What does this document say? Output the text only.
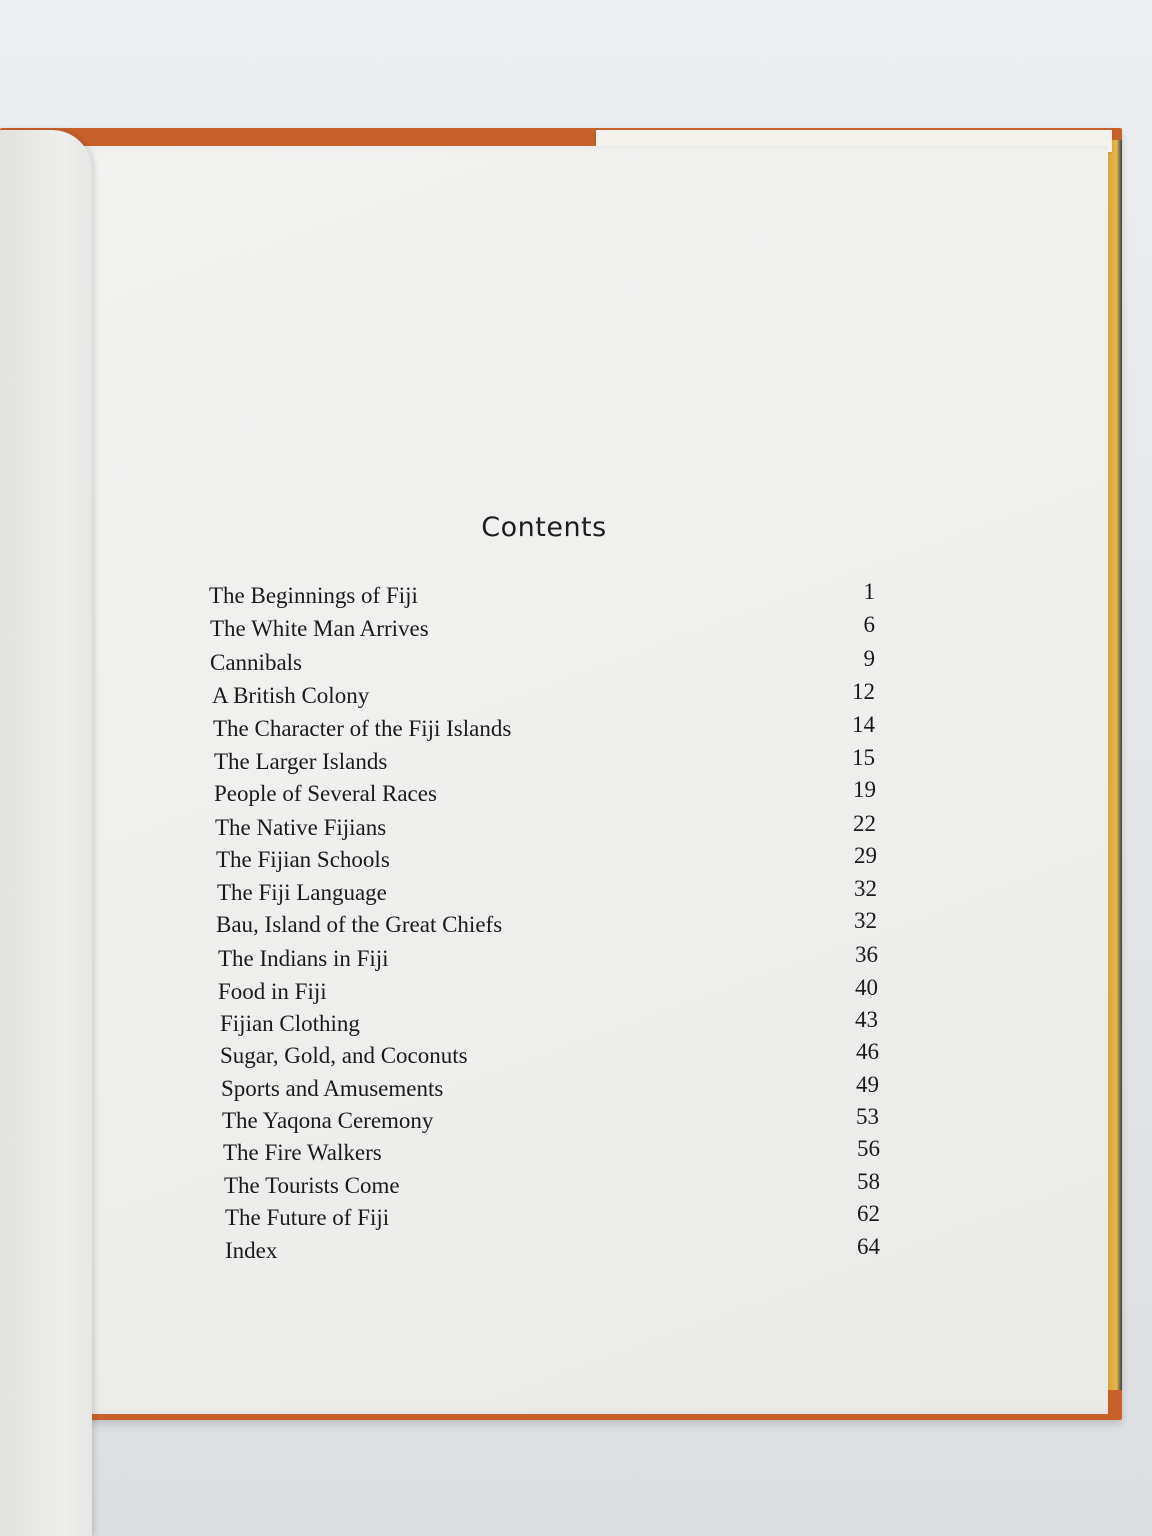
Contents
The Beginnings of Fiji	1
The White Man Arrives	6
Cannibals	9
A British Colony	12
The Character of the Fiji Islands	14
The Larger Islands	15
People of Several Races	19
The Native Fijians	22
The Fijian Schools	29
The Fiji Language	32
Bau, Island of the Great Chiefs	32
The Indians in Fiji	36
Food in Fiji	40
Fijian Clothing	43
Sugar, Gold, and Coconuts	46
Sports and Amusements	49
The Yaqona Ceremony	53
The Fire Walkers	56
The Tourists Come	58
The Future of Fiji	62
Index	64
